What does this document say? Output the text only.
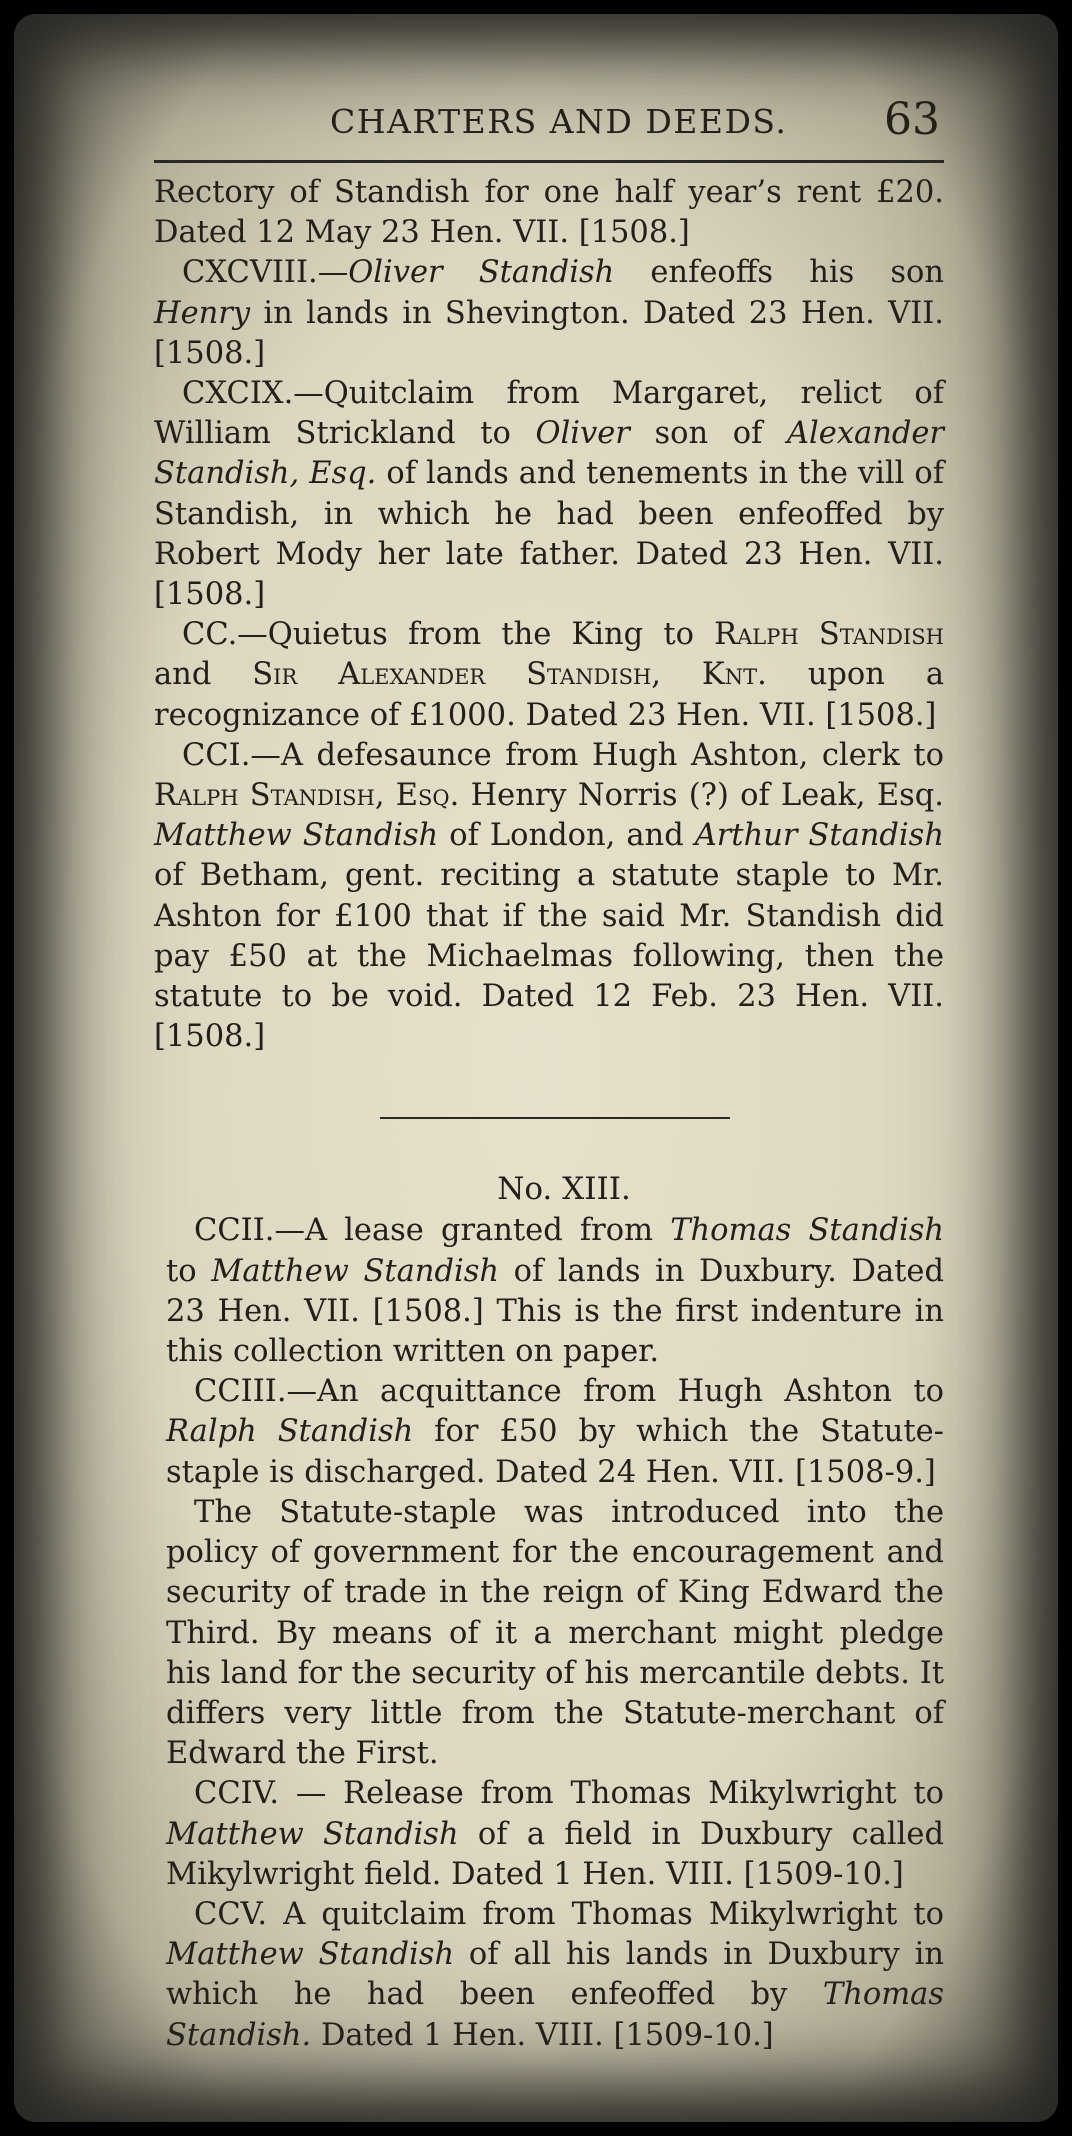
CHARTERS AND DEEDS. 63

Rectory of Standish for one half year’s rent £20. Dated 12 May 23 Hen. VII. [1508.]

CXCVIII.—Oliver Standish enfeoffs his son Henry in lands in Shevington. Dated 23 Hen. VII. [1508.]

CXCIX.—Quitclaim from Margaret, relict of William Strickland to Oliver son of Alexander Standish, Esq. of lands and tenements in the vill of Standish, in which he had been enfeoffed by Robert Mody her late father. Dated 23 Hen. VII. [1508.]

CC.—Quietus from the King to Ralph Standish and Sir Alexander Standish, Knt. upon a recognizance of £1000. Dated 23 Hen. VII. [1508.]

CCI.—A defesaunce from Hugh Ashton, clerk to Ralph Standish, Esq. Henry Norris (?) of Leak, Esq. Matthew Standish of London, and Arthur Standish of Betham, gent. reciting a statute staple to Mr. Ashton for £100 that if the said Mr. Standish did pay £50 at the Michaelmas following, then the statute to be void. Dated 12 Feb. 23 Hen. VII. [1508.]

No. XIII.

CCII.—A lease granted from Thomas Standish to Matthew Standish of lands in Duxbury. Dated 23 Hen. VII. [1508.] This is the first indenture in this collection written on paper.

CCIII.—An acquittance from Hugh Ashton to Ralph Standish for £50 by which the Statute-staple is discharged. Dated 24 Hen. VII. [1508-9.]

The Statute-staple was introduced into the policy of government for the encouragement and security of trade in the reign of King Edward the Third. By means of it a merchant might pledge his land for the security of his mercantile debts. It differs very little from the Statute-merchant of Edward the First.

CCIV. — Release from Thomas Mikylwright to Matthew Standish of a field in Duxbury called Mikylwright field. Dated 1 Hen. VIII. [1509-10.]

CCV. A quitclaim from Thomas Mikylwright to Matthew Standish of all his lands in Duxbury in which he had been enfeoffed by Thomas Standish. Dated 1 Hen. VIII. [1509-10.]
